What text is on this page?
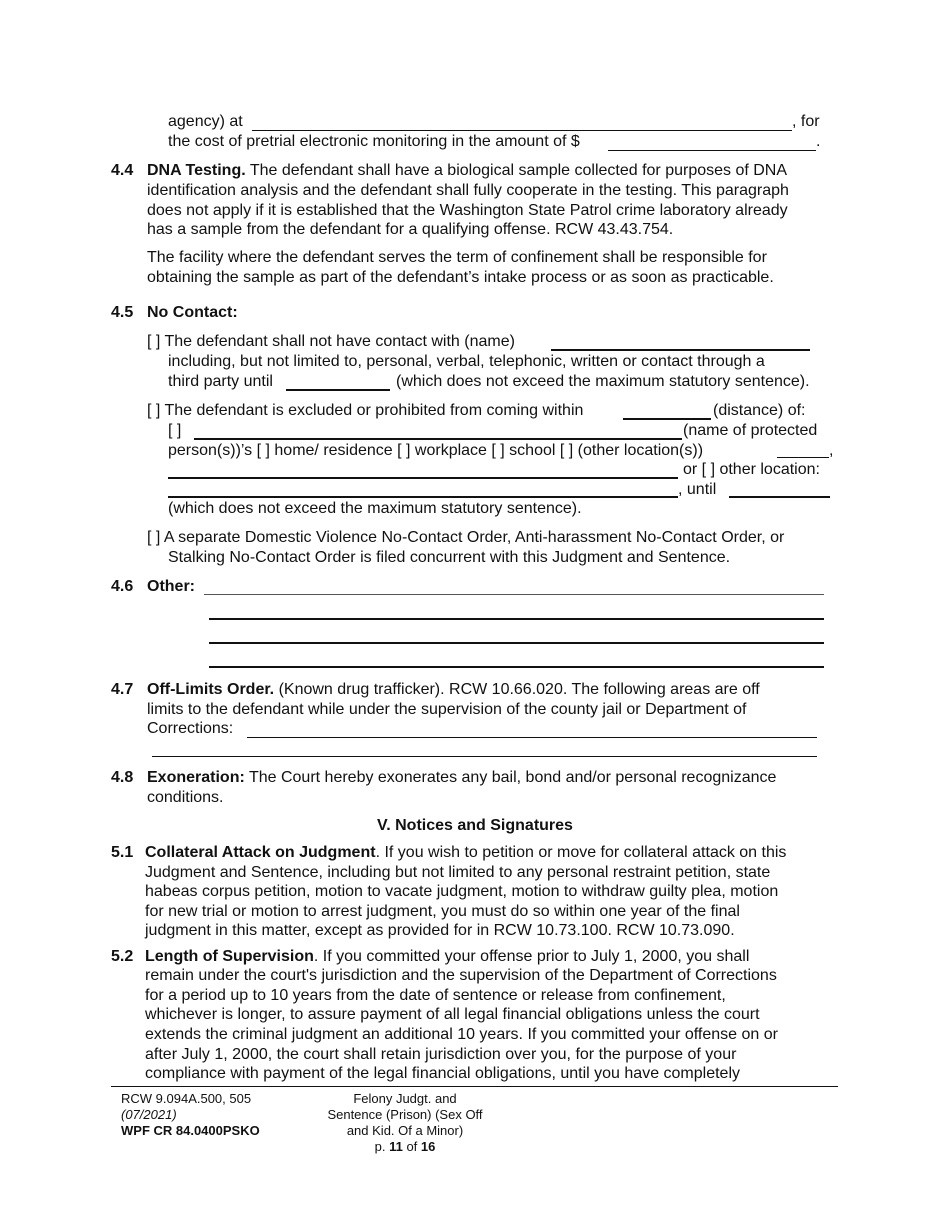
agency) at	, for
the cost of pretrial electronic monitoring in the amount of $	.
4.4 DNA Testing. The defendant shall have a biological sample collected for purposes of DNA
identification analysis and the defendant shall fully cooperate in the testing. This paragraph
does not apply if it is established that the Washington State Patrol crime laboratory already
has a sample from the defendant for a qualifying offense. RCW 43.43.754.
The facility where the defendant serves the term of confinement shall be responsible for
obtaining the sample as part of the defendant’s intake process or as soon as practicable.
4.5 No Contact:
[ ] The defendant shall not have contact with (name)
including, but not limited to, personal, verbal, telephonic, written or contact through a
third party until	(which does not exceed the maximum statutory sentence).
[ ] The defendant is excluded or prohibited from coming within	(distance) of:
[ ]	(name of protected
person(s))’s [ ] home/ residence [ ] workplace [ ] school [ ] (other location(s))	,
or [ ] other location:
, until
(which does not exceed the maximum statutory sentence).
[ ] A separate Domestic Violence No-Contact Order, Anti-harassment No-Contact Order, or
Stalking No-Contact Order is filed concurrent with this Judgment and Sentence.
4.6 Other:
4.7 Off-Limits Order. (Known drug trafficker). RCW 10.66.020. The following areas are off
limits to the defendant while under the supervision of the county jail or Department of
Corrections:
4.8 Exoneration: The Court hereby exonerates any bail, bond and/or personal recognizance
conditions.
V. Notices and Signatures
5.1 Collateral Attack on Judgment. If you wish to petition or move for collateral attack on this
Judgment and Sentence, including but not limited to any personal restraint petition, state
habeas corpus petition, motion to vacate judgment, motion to withdraw guilty plea, motion
for new trial or motion to arrest judgment, you must do so within one year of the final
judgment in this matter, except as provided for in RCW 10.73.100. RCW 10.73.090.
5.2 Length of Supervision. If you committed your offense prior to July 1, 2000, you shall
remain under the court's jurisdiction and the supervision of the Department of Corrections
for a period up to 10 years from the date of sentence or release from confinement,
whichever is longer, to assure payment of all legal financial obligations unless the court
extends the criminal judgment an additional 10 years. If you committed your offense on or
after July 1, 2000, the court shall retain jurisdiction over you, for the purpose of your
compliance with payment of the legal financial obligations, until you have completely
RCW 9.094A.500, 505
(07/2021)
WPF CR 84.0400PSKO
Felony Judgt. and
Sentence (Prison) (Sex Off
and Kid. Of a Minor)
p. 11 of 16
